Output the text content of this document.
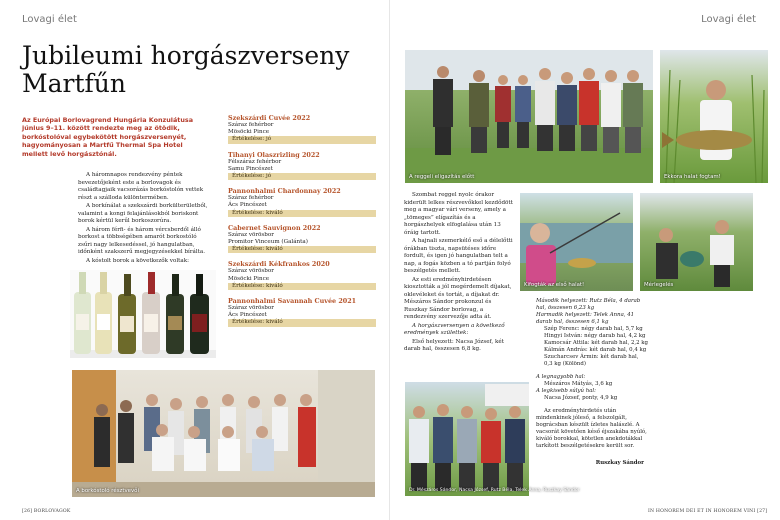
Lovagi élet
Jubileumi horgászverseny Martfűn
Az Európai Borlovagrend Hungária Konzulátusa június 9–11. között rendezte meg az ötödik, borkóstolóval egybekötött horgászversenyét, hagyományosan a Martfű Thermal Spa Hotel mellett levő horgásztónál.

A háromnapos rendezvény péntek bevezetőjeként este a borlovagok és családtagjaik vacsorázás borkóstolón vettek részt a szálloda különtermében.

A borkínálat a szekszárdi borkülterületből, valamint a kongi felajánlásokból boriskont borok kértül kerűl borkoszorúra.

A három férfi- és három vércsberdől álló borkost a többségében amarót borkostóló zsűri nagy lelkesedéssel, jó hangulatban, időnként szakszerű megjegyzésekkel bírálta.

A kóstolt borok a következők voltak:

Szekszárdi Cuvée 2022
Száraz fehérbor
Mösöcki Pince
Értékelése: jó
Tihanyi Olaszrizling 2022
Félszáraz fehérbor
Samu Pincészet
Értékelése: jó
Pannonhalmi Chardonnay 2022
Száraz fehérbor
Ács Pincészet
Értékelése: kiváló
Cabernet Sauvignon 2022
Száraz vörösbor
Promitor Vinceum (Galánta)
Értékelése: kiváló
Szekszárdi Kékfrankos 2020
Száraz vörösbor
Mösöcki Pince
Értékelése: kiváló
Pannonhalmi Savannah Cuvée 2021
Száraz vörösbor
Ács Pincészet
Értékelése: kiváló
A borkóstoló résztvevői
[26] BORLOVAGOK
Lovagi élet
A reggeli eligazítás előtt	Ekkora halat fogtam!

Szombat reggel nyolc órakor kiderült lelkes részvevőkkel kezdődött meg a magyar vári verseny, amely a „tömeges” elígazítás és a horgászhelyek elfoglalása után 13 óráig tartott.

A hajnali szemerkélő eső a délelőtti órákban tiszta, napsütéses időre fordult, és igen jó hangulatban telt a nap, a fogás közben a tó partján folyó beszélgetés mellett.

Az esti eredményhirdetésen kiosztották a jól megérdemelt díjakat, oklevéleket és tortát, a díjakat dr. Mészáros Sándor prokonzul és Ruszkay Sándor borlovag, a rendezvény szervezője adta át.

A horgászversenyen a következő eredmények születtek:

Első helyezett: Nacsa József, két darab hal, összesen 6,8 kg.

Kifogták az első halat!	Mérlegelés
Második helyezett: Rutz Béla, 4 darab hal, összesen 6,23 kg
Harmadik helyezett: Telek Anna, 41 darab hal, összesen 6,1 kg
Szép Ferenc: négy darab hal, 5,7 kg
Hingyi István: négy darab hal, 4,2 kg
Kamocsár Attila: két darab hal, 2,2 kg
Kálmán András: két darab hal, 0,4 kg
Szucharcsev Ármin: két darab hal, 0,3 kg (Kölönd)
A legnagyobb hal:
Mészáros Mátyás, 3,6 kg
A legkisebb súlyú hal:
Nacsa József, ponty, 4,9 kg
Az eredményhirdetés után mindenkinek jóleső, a felszolgált, bográcsban készült ízletes halászlé. A vacsorát követően késő éjszakába nyúló, kiváló borokkal, kötetlen anekdotákkal tarkított beszélgetésekre került sor.
Ruszkay Sándor
Dr. Mészáros Sándor, Nacsa József, Rutz Béla, Telek Anna, Ruszkay Sándor
IN HONOREM DEI ET IN HONOREM VINI [27]
